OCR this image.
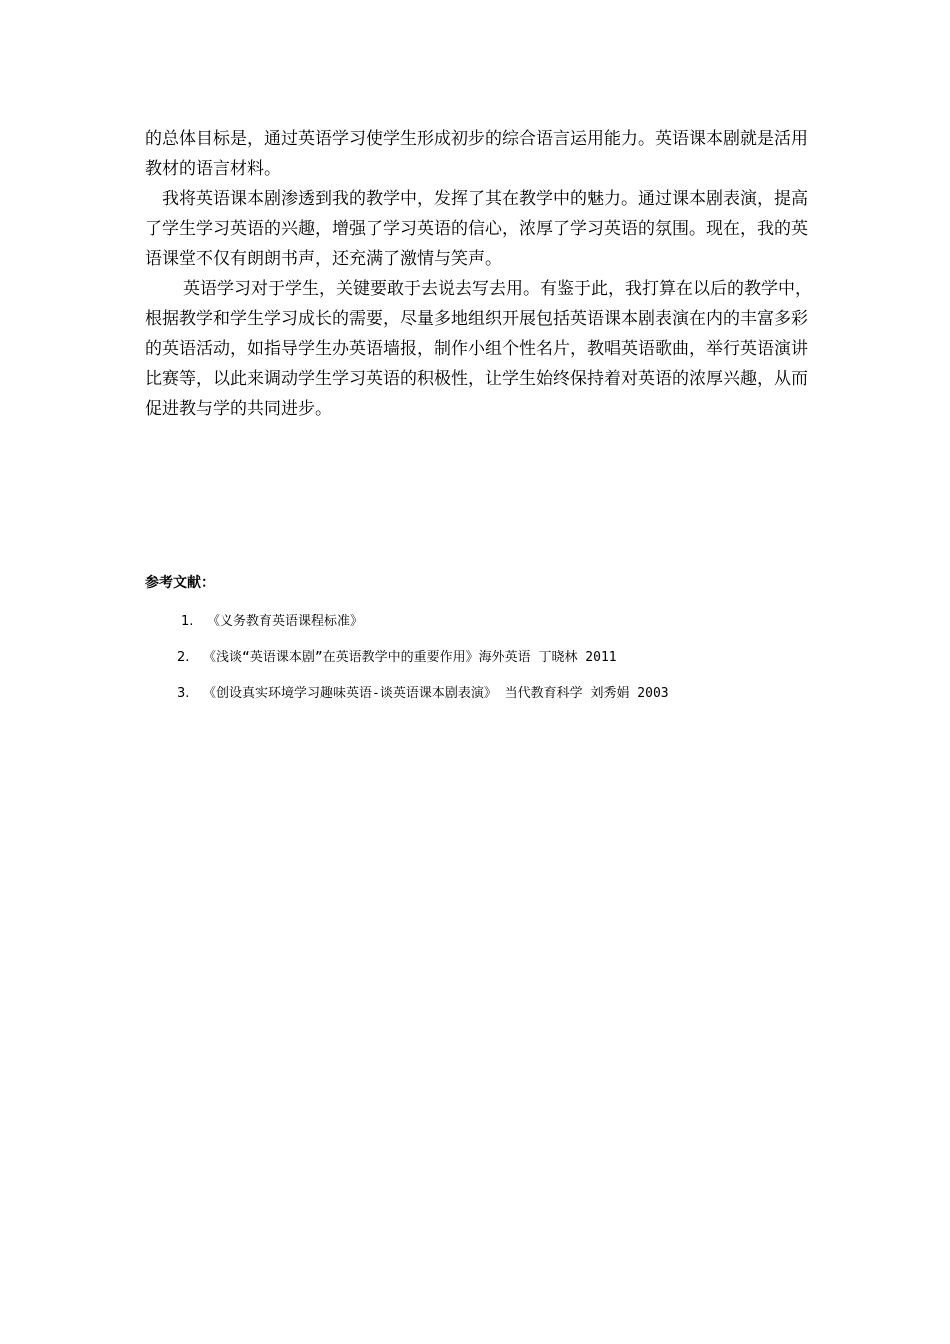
的总体目标是，通过英语学习使学生形成初步的综合语言运用能力。英语课本剧就是活用教材的语言材料。

我将英语课本剧渗透到我的教学中，发挥了其在教学中的魅力。通过课本剧表演，提高了学生学习英语的兴趣，增强了学习英语的信心，浓厚了学习英语的氛围。现在，我的英语课堂不仅有朗朗书声，还充满了激情与笑声。

英语学习对于学生，关键要敢于去说去写去用。有鉴于此，我打算在以后的教学中，根据教学和学生学习成长的需要，尽量多地组织开展包括英语课本剧表演在内的丰富多彩的英语活动，如指导学生办英语墙报，制作小组个性名片，教唱英语歌曲，举行英语演讲比赛等，以此来调动学生学习英语的积极性，让学生始终保持着对英语的浓厚兴趣，从而促进教与学的共同进步。

参考文献：

1. 《义务教育英语课程标准》
2. 《浅谈“英语课本剧”在英语教学中的重要作用》海外英语 丁晓林 2011
3. 《创设真实环境学习趣味英语-谈英语课本剧表演》 当代教育科学 刘秀娟 2003
